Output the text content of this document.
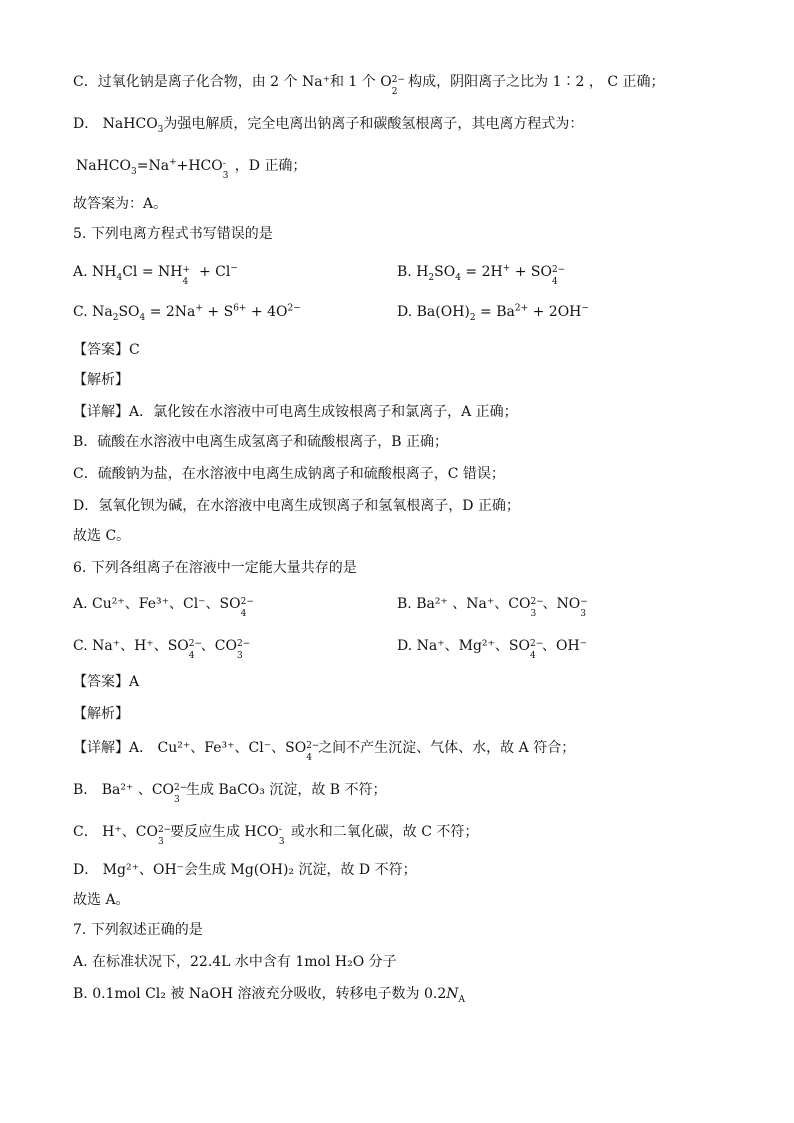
C．过氧化钠是离子化合物，由 2 个 Na⁺和 1 个 O 2−
2
构成，阴阳离子之比为 1∶2 ， C 正确；
D． NaHCO$_3$为强电解质，完全电离出钠离子和碳酸氢根离子，其电离方程式为：
NaHCO$_3$=Na++HCO -
3
，D 正确；
故答案为：A。
5. 下列电离方程式书写错误的是
A. $NH_4Cl$ = NH +
4
+ Cl−	B. $H_2SO_4 = 2H^+$ + SO 2−
4
C. $Na_2SO_4 = 2Na^+ + S^{6+} + 4O^{2-}$	D. $Ba(OH)_2 = Ba^{2+} + 2OH^-$
【答案】C
【解析】
【详解】A．氯化铵在水溶液中可电离生成铵根离子和氯离子，A 正确；
B．硫酸在水溶液中电离生成氢离子和硫酸根离子，B 正确；
C．硫酸钠为盐，在水溶液中电离生成钠离子和硫酸根离子，C 错误；
D．氢氧化钡为碱，在水溶液中电离生成钡离子和氢氧根离子，D 正确；
故选 C。
6. 下列各组离子在溶液中一定能大量共存的是
A. Cu²⁺、Fe³⁺、Cl⁻、SO 2−
4
B. Ba²⁺ 、Na⁺、CO 2−
3
、NO −
3
C. Na⁺、H⁺、SO 2−
4
、CO 2−
3
D. Na⁺、Mg²⁺、SO 2−
4
、OH⁻
【答案】A
【解析】
【详解】A． Cu²⁺、Fe³⁺、Cl⁻、SO 2−
4
之间不产生沉淀、气体、水，故 A 符合；
B． Ba²⁺ 、CO 2−
3
生成 BaCO₃ 沉淀，故 B 不符；
C． H⁺、CO 2−
3
要反应生成 HCO -
3
或水和二氧化碳，故 C 不符；
D． Mg²⁺、OH⁻会生成 Mg(OH)₂ 沉淀，故 D 不符；
故选 A。
7. 下列叙述正确的是
A. 在标准状况下，22.4L 水中含有 1mol H₂O 分子
B. 0.1mol Cl₂ 被 NaOH 溶液充分吸收，转移电子数为 $0.2N_A$
